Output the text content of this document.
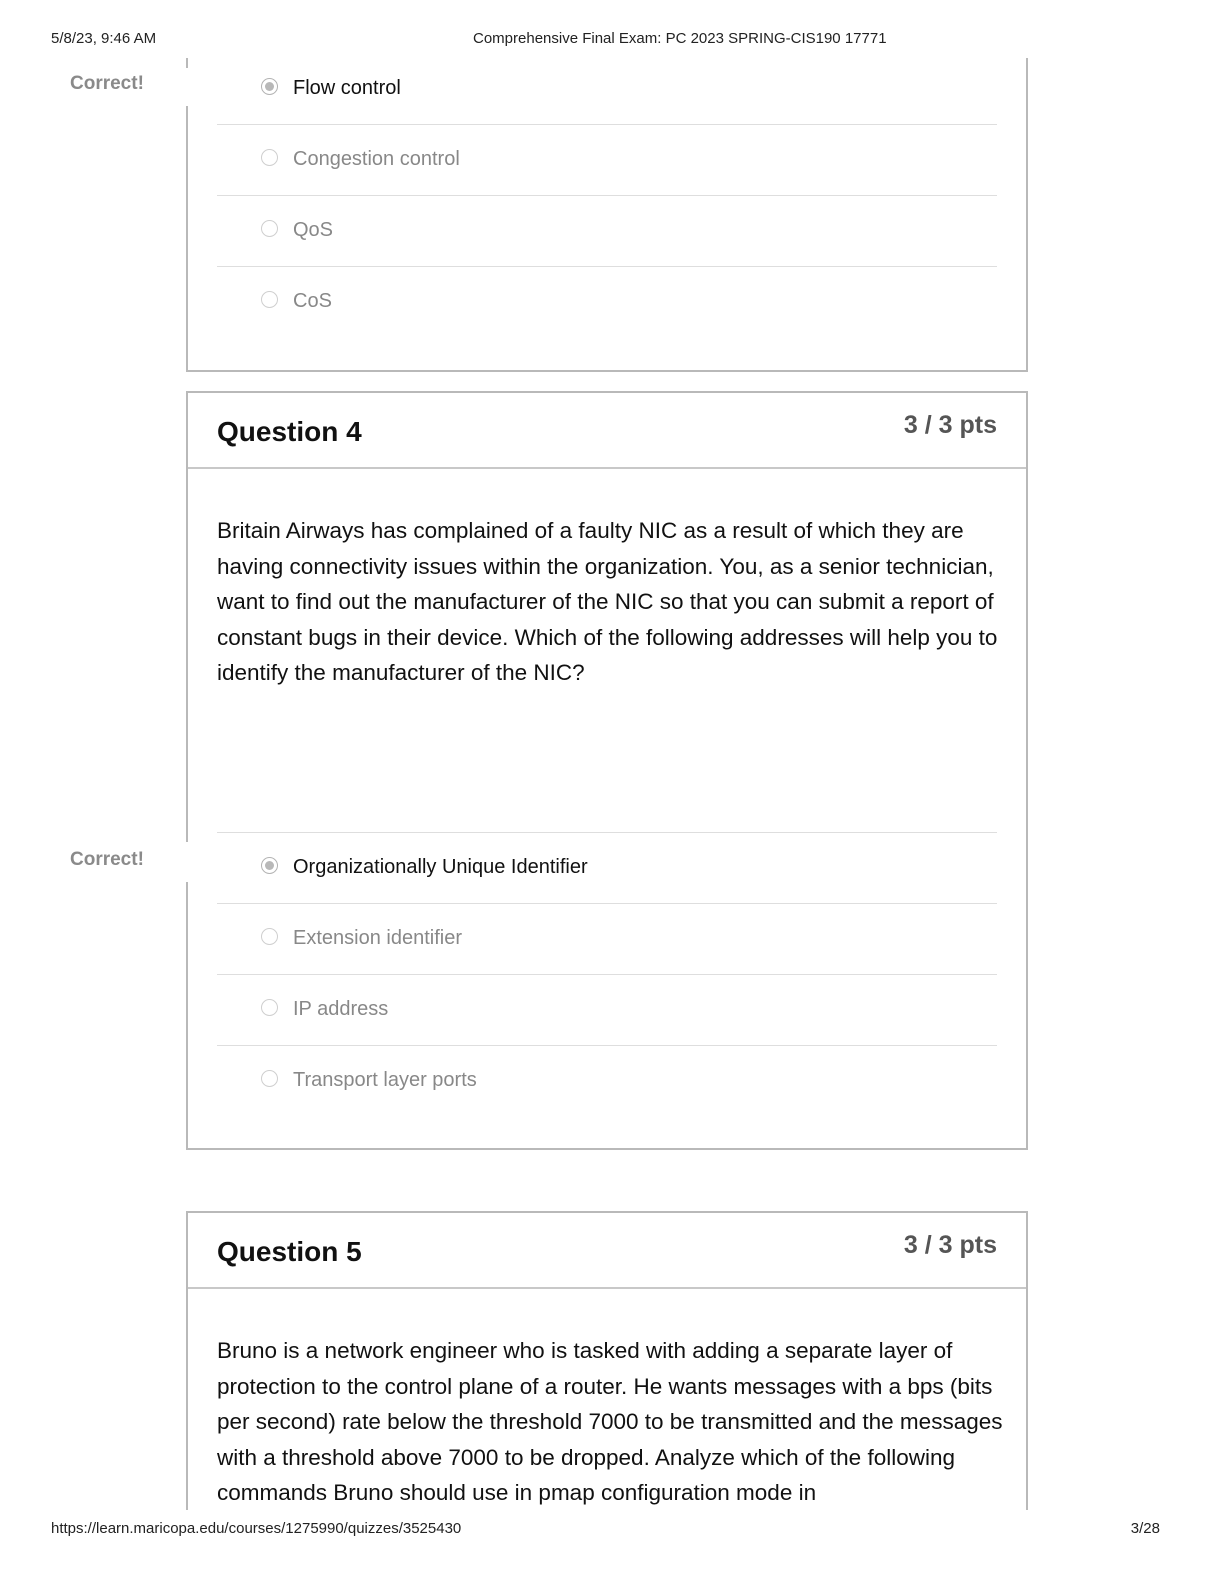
5/8/23, 9:46 AM	Comprehensive Final Exam: PC 2023 SPRING-CIS190 17771
Correct!	Flow control
Congestion control
QoS
CoS
Question 4	3 / 3 pts
Britain Airways has complained of a faulty NIC as a result of which they are having connectivity issues within the organization. You, as a senior technician, want to find out the manufacturer of the NIC so that you can submit a report of constant bugs in their device. Which of the following addresses will help you to identify the manufacturer of the NIC?
Organizationally Unique Identifier
Extension identifier
IP address
Transport layer ports
Correct!
Question 5	3 / 3 pts
Bruno is a network engineer who is tasked with adding a separate layer of protection to the control plane of a router. He wants messages with a bps (bits per second) rate below the threshold 7000 to be transmitted and the messages with a threshold above 7000 to be dropped. Analyze which of the following commands Bruno should use in pmap configuration mode in
https://learn.maricopa.edu/courses/1275990/quizzes/3525430	3/28
